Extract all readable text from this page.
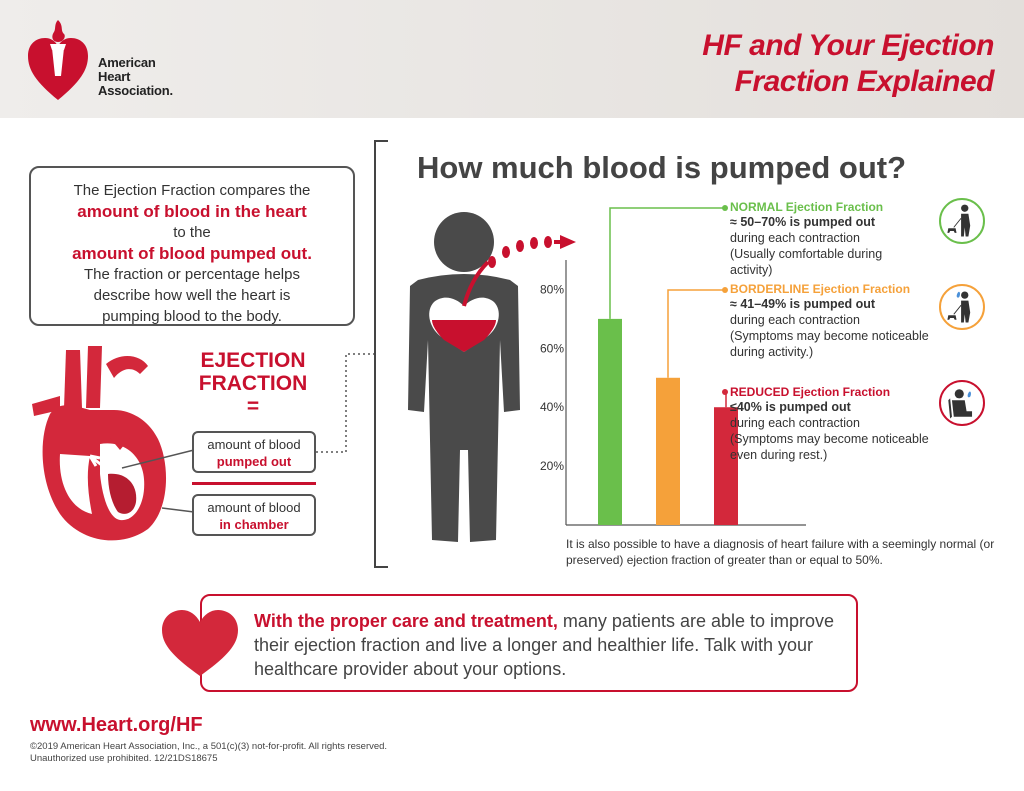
American
Heart
Association.
HF and Your Ejection
Fraction Explained
The Ejection Fraction compares the
amount of blood in the heart
to the
amount of blood pumped out.
The fraction or percentage helps
describe how well the heart is
pumping blood to the body.
EJECTION
FRACTION
=
amount of blood
pumped out
amount of blood
in chamber
How much blood is pumped out?
20%
40%
60%
80%
NORMAL Ejection Fraction
≈ 50–70% is pumped out
during each contraction
(Usually comfortable during
activity)
BORDERLINE Ejection Fraction
≈ 41–49% is pumped out
during each contraction
(Symptoms may become noticeable
during activity.)
REDUCED Ejection Fraction
≤40% is pumped out
during each contraction
(Symptoms may become noticeable
even during rest.)
It is also possible to have a diagnosis of heart failure with a seemingly normal (or preserved) ejection fraction of greater than or equal to 50%.
With the proper care and treatment, many patients are able to improve their ejection fraction and live a longer and healthier life. Talk with your healthcare provider about your options.
www.Heart.org/HF
©2019 American Heart Association, Inc., a 501(c)(3) not-for-profit. All rights reserved.
Unauthorized use prohibited. 12/21DS18675
